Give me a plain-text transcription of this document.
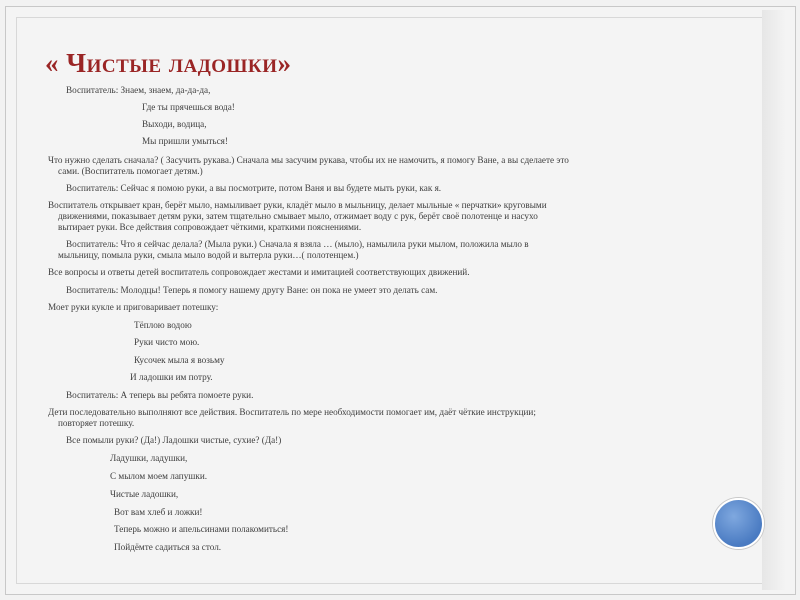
« Чистые ладошки»
Воспитатель: Знаем, знаем, да-да-да,
Где ты прячешься вода!
Выходи, водица,
Мы пришли умыться!
Что нужно сделать сначала? ( Засучить рукава.) Сначала мы засучим рукава, чтобы их не намочить, я помогу Ване, а вы сделаете это
сами. (Воспитатель помогает детям.)
Воспитатель: Сейчас я помою руки, а вы посмотрите, потом Ваня и вы будете мыть руки, как я.
Воспитатель открывает кран, берёт мыло, намыливает руки, кладёт мыло в мыльницу, делает мыльные « перчатки» круговыми
движениями, показывает детям руки, затем тщательно смывает мыло, отжимает воду с рук, берёт своё полотенце и насухо
вытирает руки. Все действия сопровождает чёткими, краткими пояснениями.
Воспитатель: Что я сейчас делала? (Мыла руки.) Сначала я взяла … (мыло), намылила руки мылом, положила мыло в
мыльницу, помыла руки, смыла мыло водой и вытерла руки…( полотенцем.)
Все вопросы и ответы детей воспитатель сопровождает жестами и имитацией соответствующих движений.
Воспитатель: Молодцы! Теперь я помогу нашему другу Ване: он пока не умеет это делать сам.
Моет руки кукле и приговаривает потешку:
Тёплою водою
Руки чисто мою.
Кусочек мыла я возьму
И ладошки им потру.
Воспитатель: А теперь вы ребята помоете руки.
Дети последовательно выполняют все действия. Воспитатель по мере необходимости помогает им, даёт чёткие инструкции;
повторяет потешку.
Все помыли руки? (Да!) Ладошки чистые, сухие? (Да!)
Ладушки, ладушки,
С мылом моем лапушки.
Чистые ладошки,
Вот вам хлеб и ложки!
Теперь можно и апельсинами полакомиться!
Пойдёмте садиться за стол.
